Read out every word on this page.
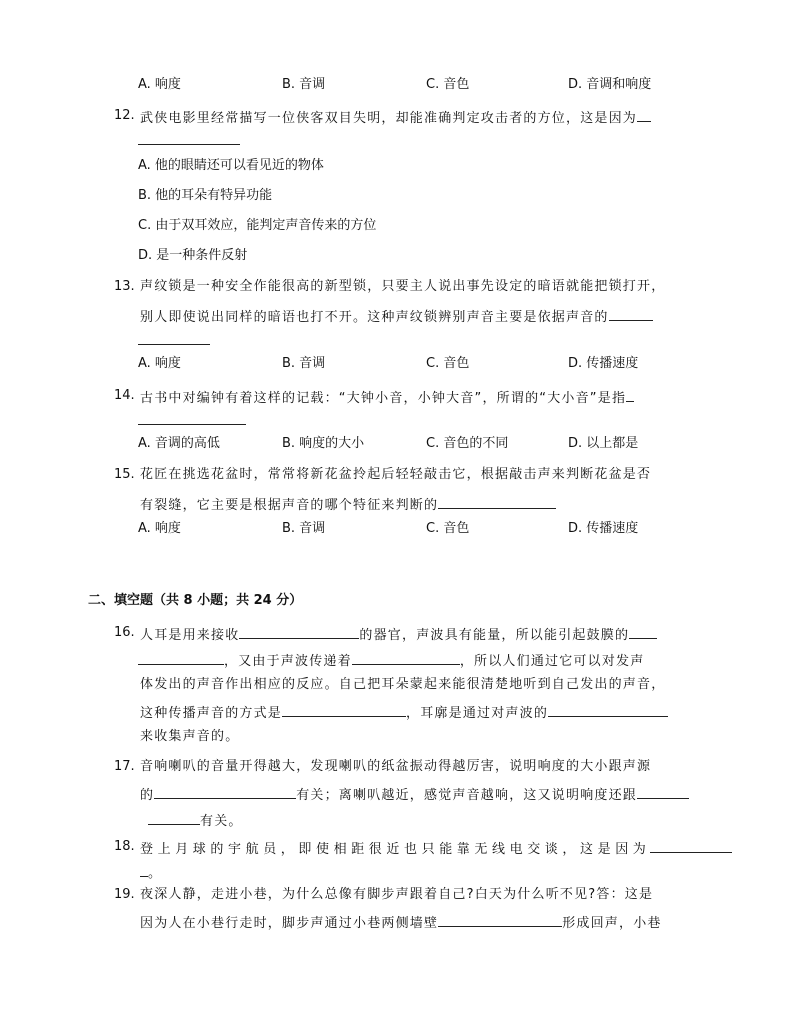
A. 响度	B. 音调	C. 音色	D. 音调和响度
12. 武侠电影里经常描写一位侠客双目失明，却能准确判定攻击者的方位，这是因为
A. 他的眼睛还可以看见近的物体
B. 他的耳朵有特异功能
C. 由于双耳效应，能判定声音传来的方位
D. 是一种条件反射
13. 声纹锁是一种安全作能很高的新型锁，只要主人说出事先设定的暗语就能把锁打开，
别人即使说出同样的暗语也打不开。这种声纹锁辨别声音主要是依据声音的
A. 响度	B. 音调	C. 音色	D. 传播速度
14. 古书中对编钟有着这样的记载：“大钟小音，小钟大音”，所谓的“大小音”是指
A. 音调的高低	B. 响度的大小	C. 音色的不同	D. 以上都是
15. 花匠在挑选花盆时，常常将新花盆拎起后轻轻敲击它，根据敲击声来判断花盆是否
有裂缝，它主要是根据声音的哪个特征来判断的
A. 响度	B. 音调	C. 音色	D. 传播速度
二、填空题（共 8 小题；共 24 分）
16. 人耳是用来接收	的器官，声波具有能量，所以能引起鼓膜的
，又由于声波传递着	，所以人们通过它可以对发声
体发出的声音作出相应的反应。自己把耳朵蒙起来能很清楚地听到自己发出的声音，
这种传播声音的方式是	，耳廓是通过对声波的
来收集声音的。
17. 音响喇叭的音量开得越大，发现喇叭的纸盆振动得越厉害，说明响度的大小跟声源
的	有关；离喇叭越近，感觉声音越响，这又说明响度还跟
有关。
18. 登上月球的宇航员，即使相距很近也只能靠无线电交谈，这是因为
。
19. 夜深人静，走进小巷，为什么总像有脚步声跟着自己?白天为什么听不见?答：这是
因为人在小巷行走时，脚步声通过小巷两侧墙壁	形成回声，小巷
